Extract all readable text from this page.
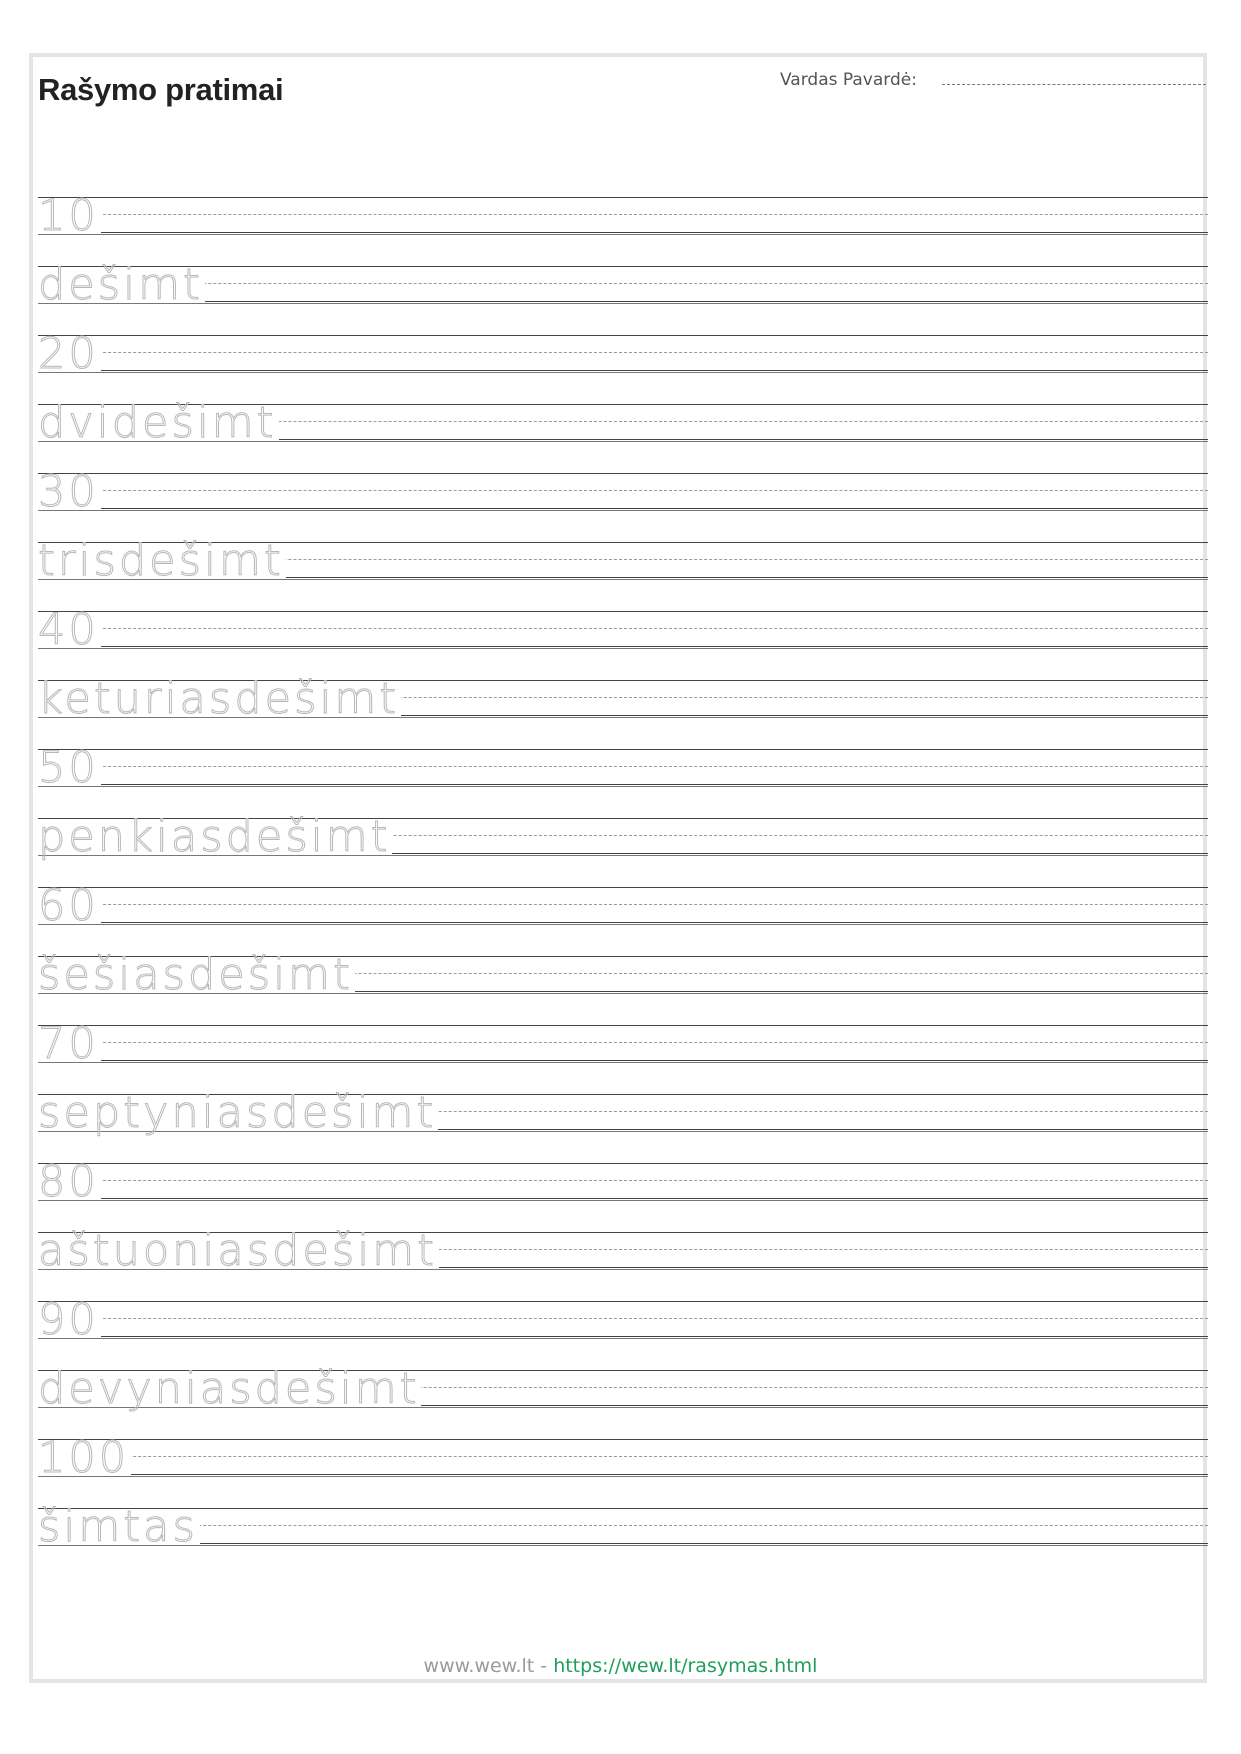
Rašymo pratimai	Vardas Pavardė:
10
dešimt
20
dvidešimt
30
trisdešimt
40
keturiasdešimt
50
penkiasdešimt
60
šešiasdešimt
70
septyniasdešimt
80
aštuoniasdešimt
90
devyniasdešimt
100
šimtas
www.wew.lt - https://wew.lt/rasymas.html
